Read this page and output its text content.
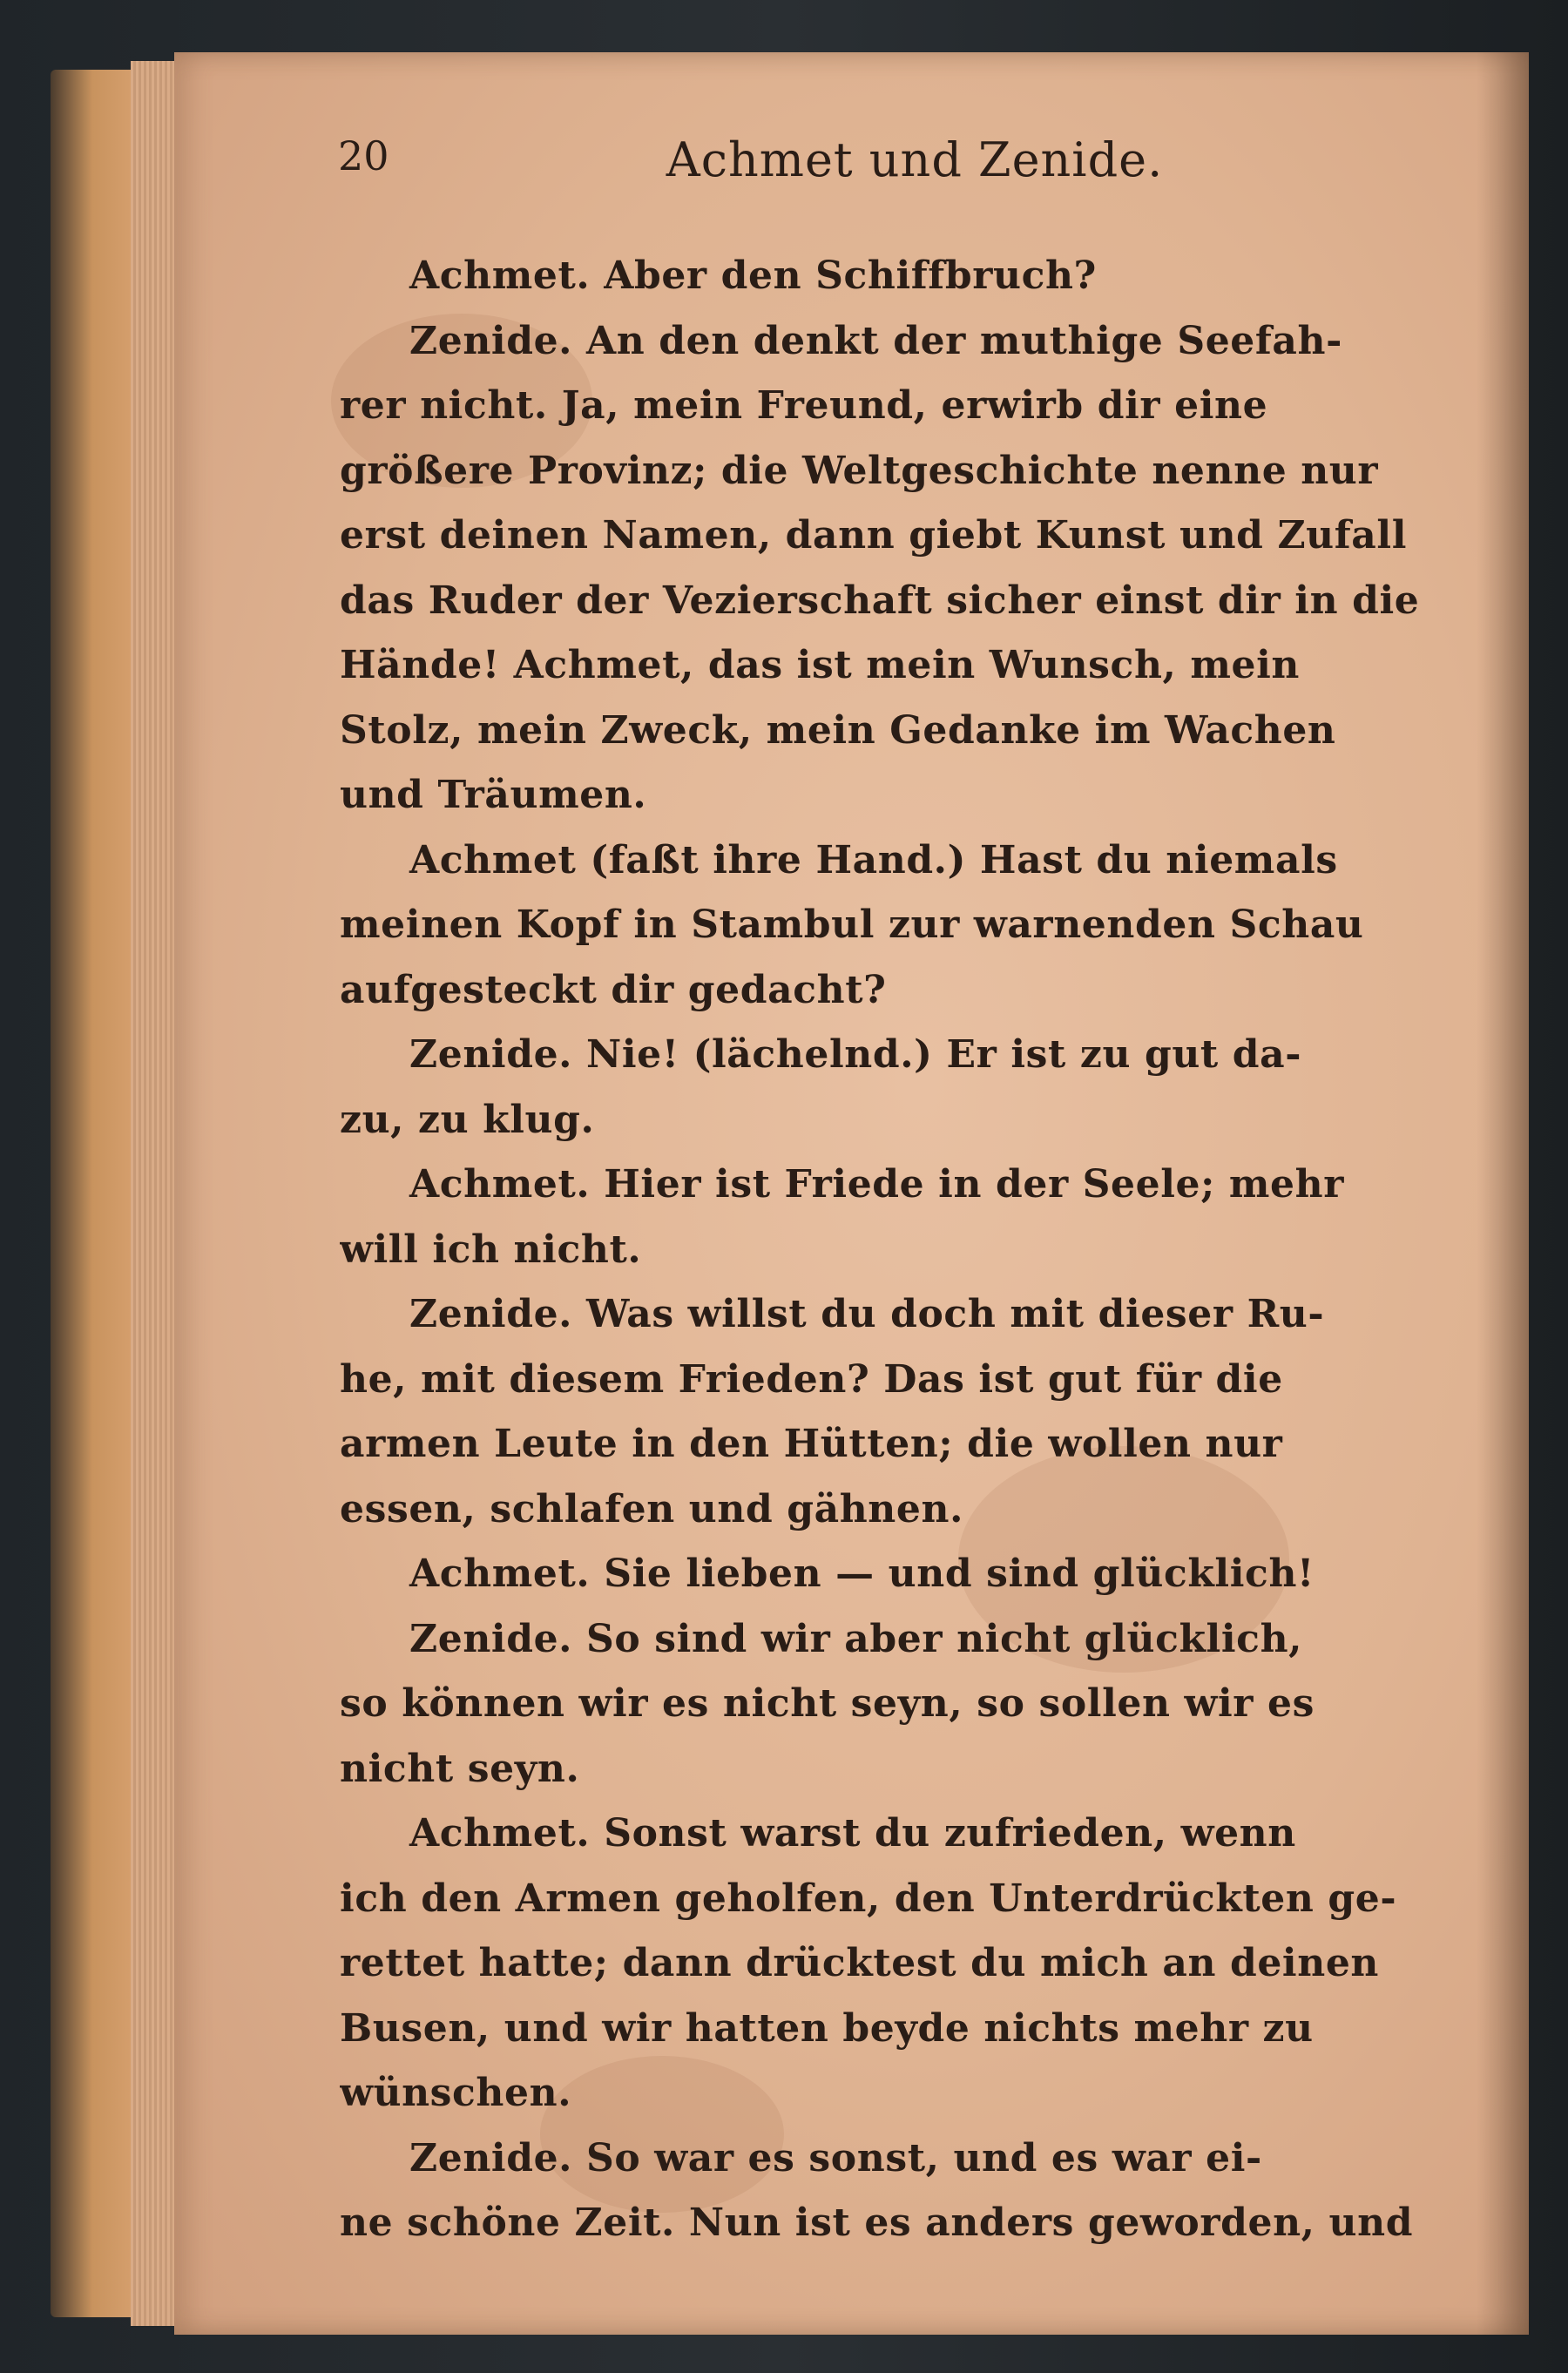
20	Achmet und Zenide.
Achmet. Aber den Schiffbruch?
Zenide. An den denkt der muthige Seefah-
rer nicht. Ja, mein Freund, erwirb dir eine
größere Provinz; die Weltgeschichte nenne nur
erst deinen Namen, dann giebt Kunst und Zufall
das Ruder der Vezierschaft sicher einst dir in die
Hände! Achmet, das ist mein Wunsch, mein
Stolz, mein Zweck, mein Gedanke im Wachen
und Träumen.
Achmet (faßt ihre Hand.) Hast du niemals
meinen Kopf in Stambul zur warnenden Schau
aufgesteckt dir gedacht?
Zenide. Nie! (lächelnd.) Er ist zu gut da-
zu, zu klug.
Achmet. Hier ist Friede in der Seele; mehr
will ich nicht.
Zenide. Was willst du doch mit dieser Ru-
he, mit diesem Frieden? Das ist gut für die
armen Leute in den Hütten; die wollen nur
essen, schlafen und gähnen.
Achmet. Sie lieben — und sind glücklich!
Zenide. So sind wir aber nicht glücklich,
so können wir es nicht seyn, so sollen wir es
nicht seyn.
Achmet. Sonst warst du zufrieden, wenn
ich den Armen geholfen, den Unterdrückten ge-
rettet hatte; dann drücktest du mich an deinen
Busen, und wir hatten beyde nichts mehr zu
wünschen.
Zenide. So war es sonst, und es war ei-
ne schöne Zeit. Nun ist es anders geworden, und
